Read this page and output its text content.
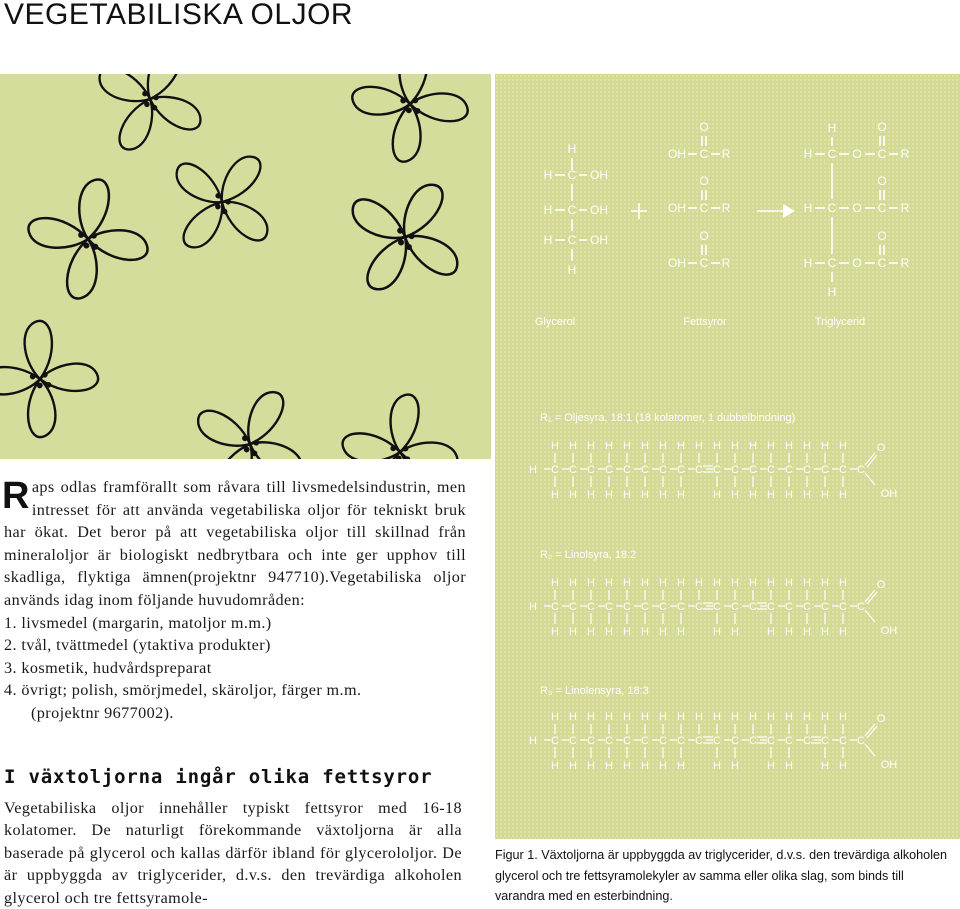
VEGETABILISKA OLJOR
H
H C OH
H C OH
H C OH
H
O
OH C R
O
OH C R
O
OH C R
H
H C O C
O
R
H C O C
O
R
H C O C
O
R
H
Glycerol	Fettsyror	Triglycerid
R₁ = Oljesyra, 18:1 (18 kolatomer, 1 dubbelbindning)
R₂ = Linolsyra, 18:2
R₃ = Linolensyra, 18:3
H C
H
H
C
H
H
C
H
H
C
H
H
C
H
H
C
H
H
C
H
H
C
H
H
C
H
C
H
H
C
H
H
C
H
H
C
H
H
C
H
H
C
H
H
C
H
H
C
H
H
C
O
OH
H C
H
H
C
H
H
C
H
H
C
H
H
C
H
H
C
H
H
C
H
H
C
H
H
C
H
C
H
H
C
H
H
C
H
C
H
H
C
H
H
C
H
H
C
H
H
C
H
H
C
O
OH
H C
H
H
C
H
H
C
H
H
C
H
H
C
H
H
C
H
H
C
H
H
C
H
H
C
H
C
H
H
C
H
H
C
H
C
H
H
C
H
H
C
H
C
H
H
C
H
H
C
O
OH

Raps odlas framförallt som råvara till livsmedelsindustrin, men intresset för att använda vegetabiliska oljor för tekniskt bruk har ökat. Det beror på att vegetabiliska oljor till skillnad från mineraloljor är biologiskt nedbrytbara och inte ger upphov till skadliga, flyktiga ämnen(projektnr 947710).Vegetabiliska oljor används idag inom följande huvudområden:

1. livsmedel (margarin, matoljor m.m.)
2. tvål, tvättmedel (ytaktiva produkter)
3. kosmetik, hudvårdspreparat
4. övrigt; polish, smörjmedel, skäroljor, färger m.m.
(projektnr 9677002).
I växtoljorna ingår olika fettsyror

Vegetabiliska oljor innehåller typiskt fettsyror med 16-18 kolatomer. De naturligt förekommande växtoljorna är alla baserade på glycerol och kallas därför ibland för glycerololjor. De är uppbyggda av triglycerider, d.v.s. den trevärdiga alkoholen glycerol och tre fettsyramole-

Figur 1. Växtoljorna är uppbyggda av triglycerider, d.v.s. den trevärdiga alkoholen glycerol och tre fettsyramolekyler av samma eller olika slag, som binds till varandra med en esterbindning.
